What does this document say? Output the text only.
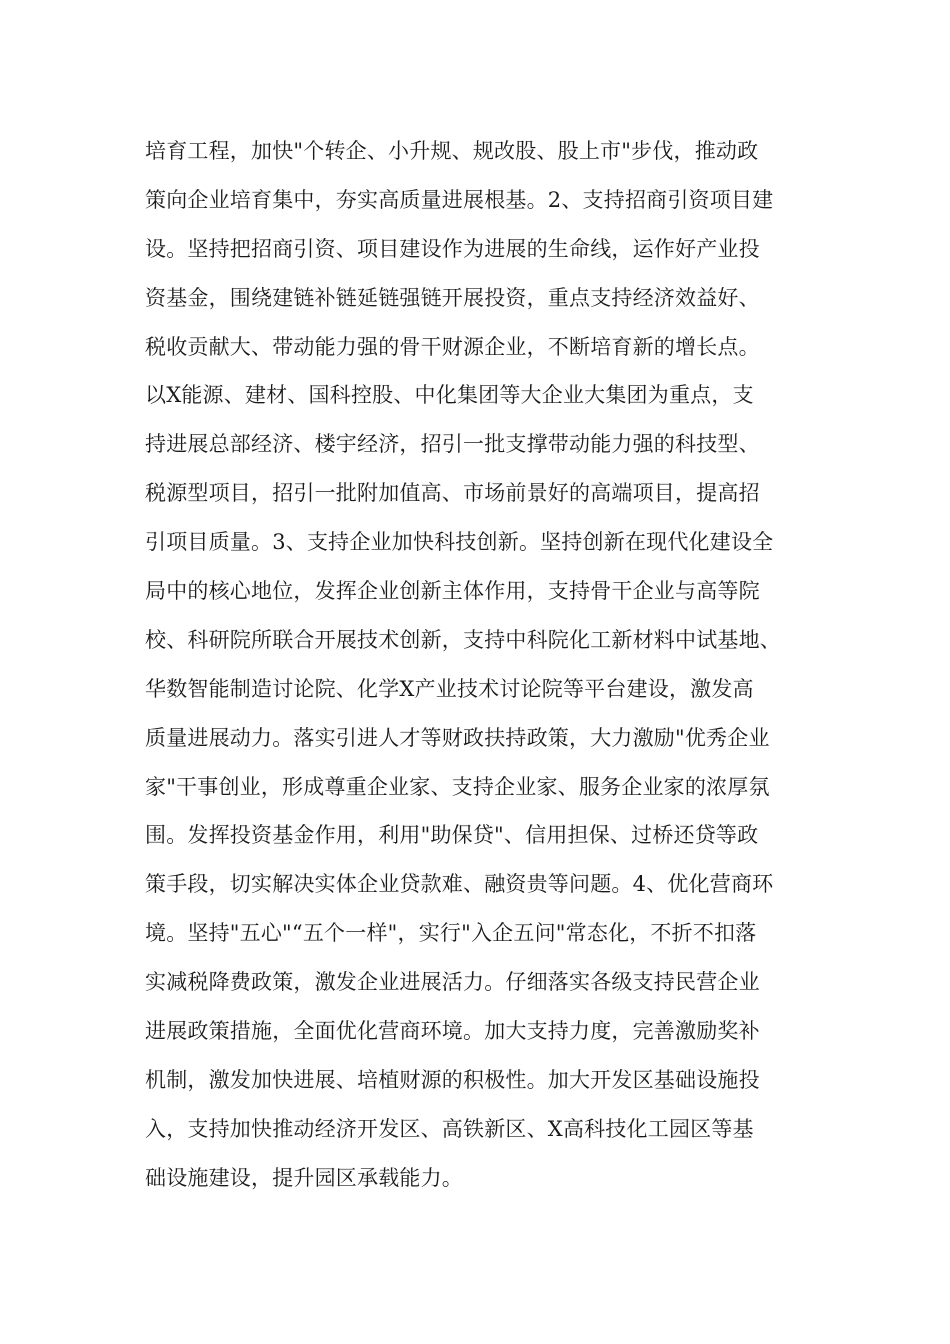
培育工程，加快"个转企、小升规、规改股、股上市"步伐，推动政
策向企业培育集中，夯实高质量进展根基。2、支持招商引资项目建
设。坚持把招商引资、项目建设作为进展的生命线，运作好产业投
资基金，围绕建链补链延链强链开展投资，重点支持经济效益好、
税收贡献大、带动能力强的骨干财源企业，不断培育新的增长点。
以X能源、建材、国科控股、中化集团等大企业大集团为重点，支
持进展总部经济、楼宇经济，招引一批支撑带动能力强的科技型、
税源型项目，招引一批附加值高、市场前景好的高端项目，提高招
引项目质量。3、支持企业加快科技创新。坚持创新在现代化建设全
局中的核心地位，发挥企业创新主体作用，支持骨干企业与高等院
校、科研院所联合开展技术创新，支持中科院化工新材料中试基地、
华数智能制造讨论院、化学X产业技术讨论院等平台建设，激发高
质量进展动力。落实引进人才等财政扶持政策，大力激励"优秀企业
家"干事创业，形成尊重企业家、支持企业家、服务企业家的浓厚氛
围。发挥投资基金作用，利用"助保贷"、信用担保、过桥还贷等政
策手段，切实解决实体企业贷款难、融资贵等问题。4、优化营商环
境。坚持"五心"“五个一样"，实行"入企五问"常态化，不折不扣落
实减税降费政策，激发企业进展活力。仔细落实各级支持民营企业
进展政策措施，全面优化营商环境。加大支持力度，完善激励奖补
机制，激发加快进展、培植财源的积极性。加大开发区基础设施投
入，支持加快推动经济开发区、高铁新区、X高科技化工园区等基
础设施建设，提升园区承载能力。
